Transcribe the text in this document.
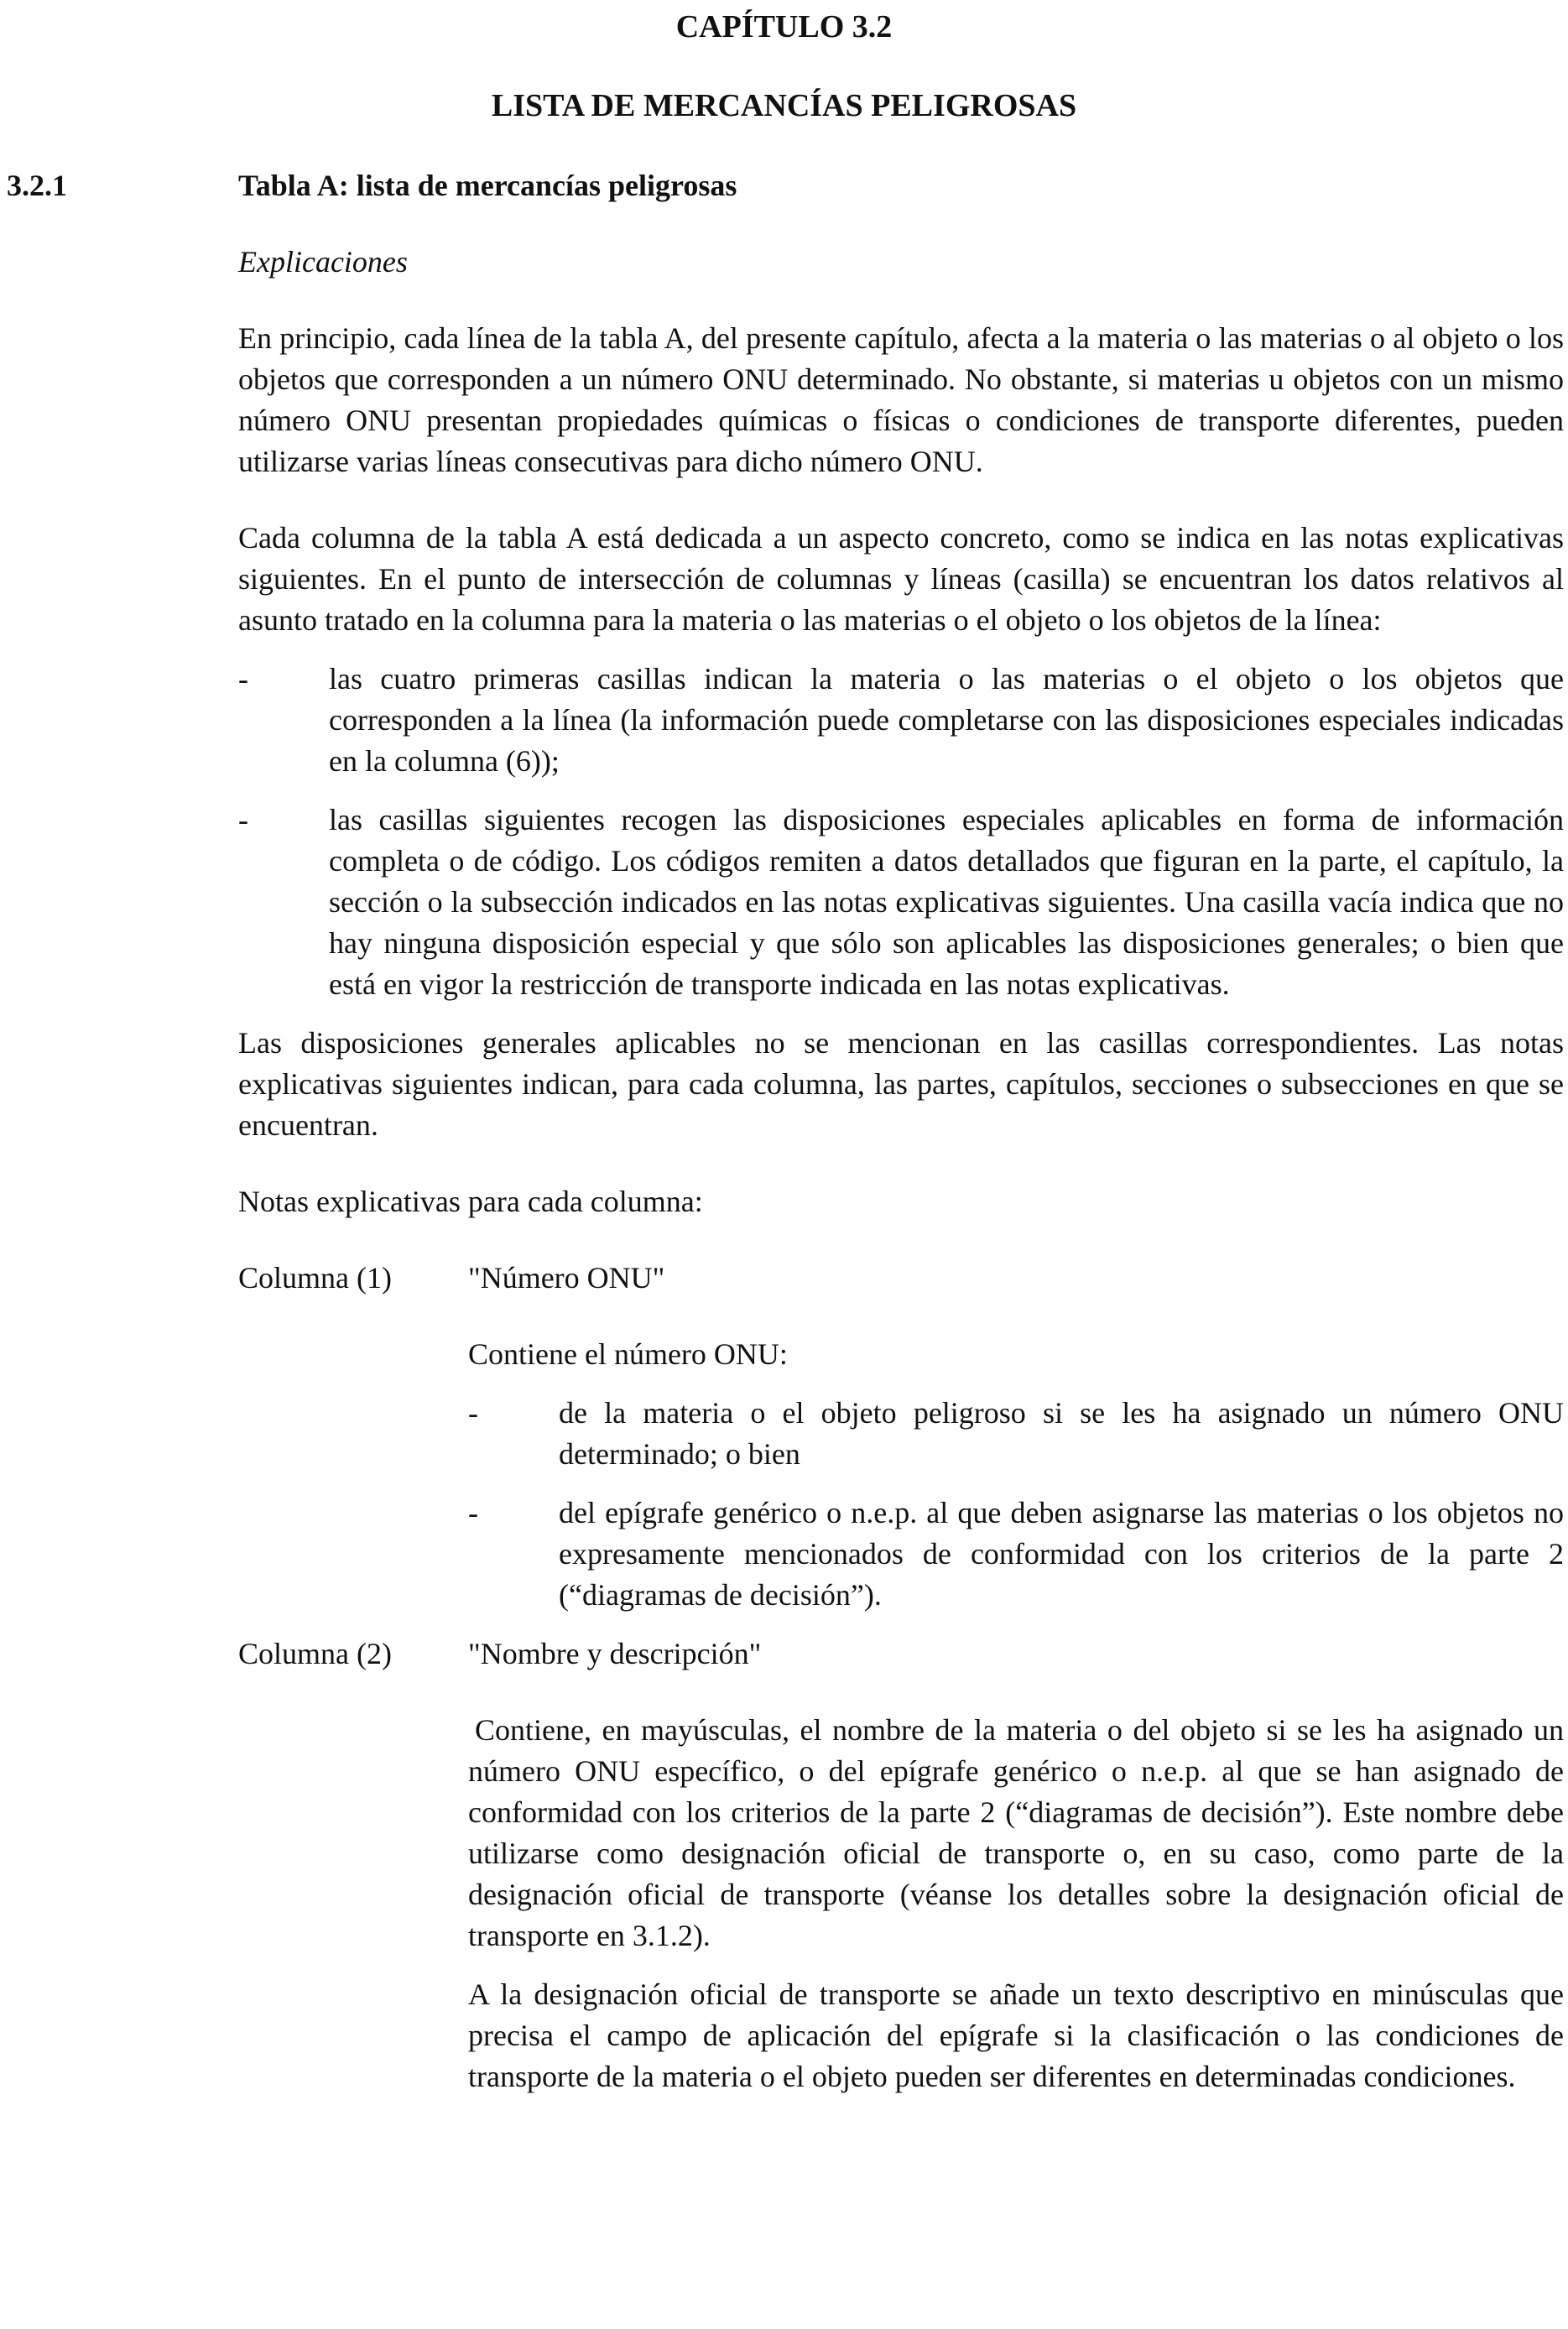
CAPÍTULO 3.2
LISTA DE MERCANCÍAS PELIGROSAS
3.2.1	Tabla A: lista de mercancías peligrosas

Explicaciones

En principio, cada línea de la tabla A, del presente capítulo, afecta a la materia o las materias o al objeto o los objetos que corresponden a un número ONU determinado. No obstante, si materias u objetos con un mismo número ONU presentan propiedades químicas o físicas o condiciones de transporte diferentes, pueden utilizarse varias líneas consecutivas para dicho número ONU.

Cada columna de la tabla A está dedicada a un aspecto concreto, como se indica en las notas explicativas siguientes. En el punto de intersección de columnas y líneas (casilla) se encuentran los datos relativos al asunto tratado en la columna para la materia o las materias o el objeto o los objetos de la línea:

-	las cuatro primeras casillas indican la materia o las materias o el objeto o los objetos que corresponden a la línea (la información puede completarse con las disposiciones especiales indicadas en la columna (6));
-	las casillas siguientes recogen las disposiciones especiales aplicables en forma de información completa o de código. Los códigos remiten a datos detallados que figuran en la parte, el capítulo, la sección o la subsección indicados en las notas explicativas siguientes. Una casilla vacía indica que no hay ninguna disposición especial y que sólo son aplicables las disposiciones generales; o bien que está en vigor la restricción de transporte indicada en las notas explicativas.

Las disposiciones generales aplicables no se mencionan en las casillas correspondientes. Las notas explicativas siguientes indican, para cada columna, las partes, capítulos, secciones o subsecciones en que se encuentran.

Notas explicativas para cada columna:

Columna (1)	"Número ONU"

Contiene el número ONU:

-	de la materia o el objeto peligroso si se les ha asignado un número ONU determinado; o bien
-	del epígrafe genérico o n.e.p. al que deben asignarse las materias o los objetos no expresamente mencionados de conformidad con los criterios de la parte 2 (“diagramas de decisión”).
Columna (2)	"Nombre y descripción"

Contiene, en mayúsculas, el nombre de la materia o del objeto si se les ha asignado un número ONU específico, o del epígrafe genérico o n.e.p. al que se han asignado de conformidad con los criterios de la parte 2 (“diagramas de decisión”). Este nombre debe utilizarse como designación oficial de transporte o, en su caso, como parte de la designación oficial de transporte (véanse los detalles sobre la designación oficial de transporte en 3.1.2).

A la designación oficial de transporte se añade un texto descriptivo en minúsculas que precisa el campo de aplicación del epígrafe si la clasificación o las condiciones de transporte de la materia o el objeto pueden ser diferentes en determinadas condiciones.
